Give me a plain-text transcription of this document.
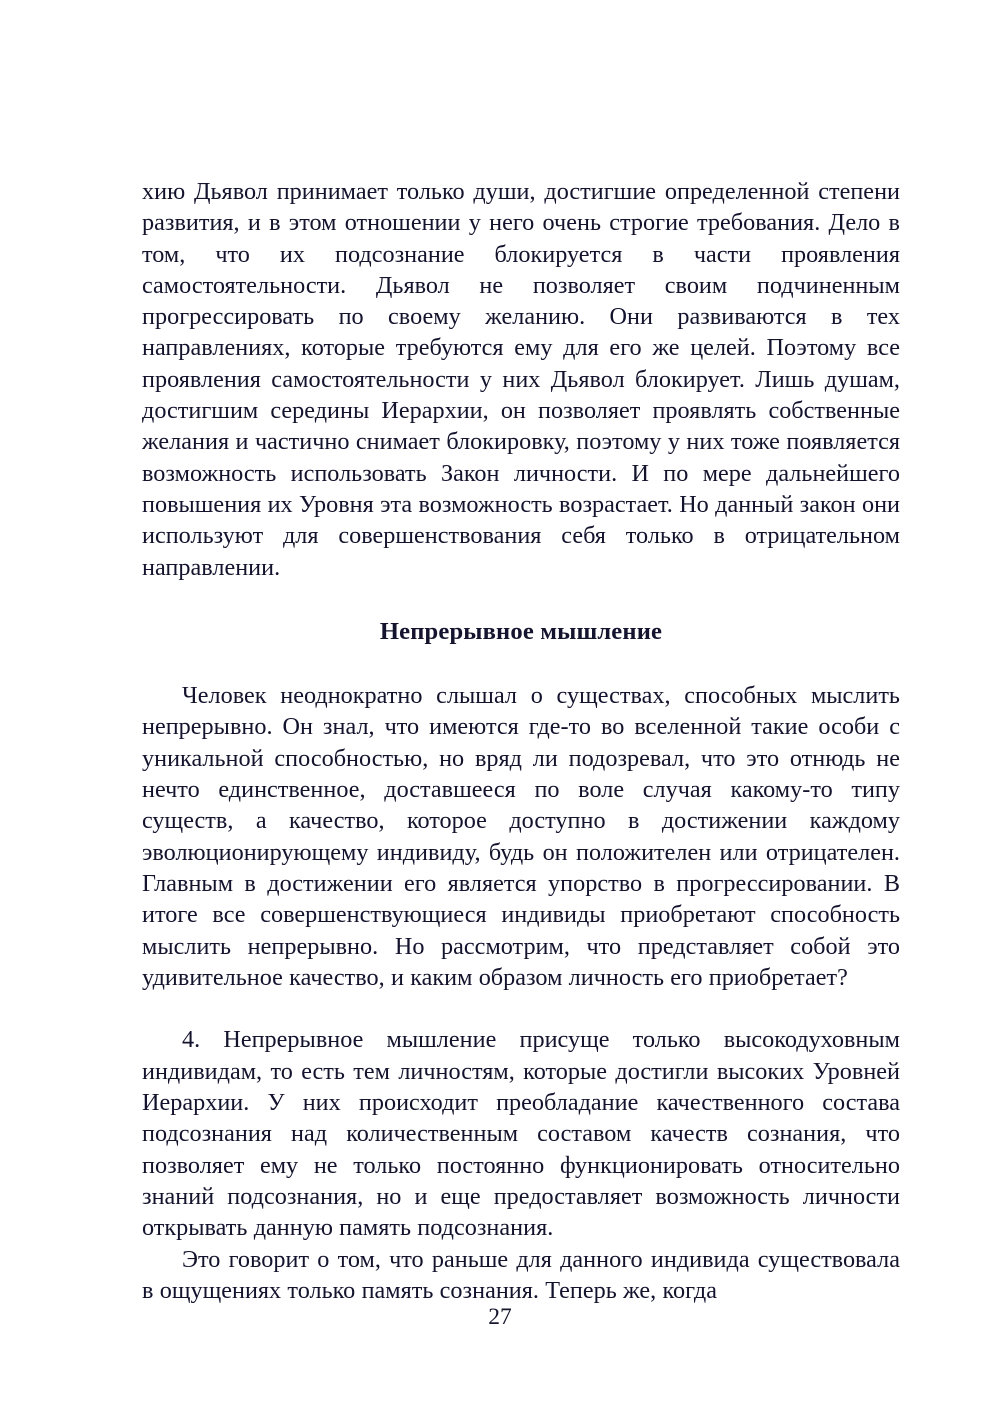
хию Дьявол принимает только души, достигшие определенной степени развития, и в этом отношении у него очень строгие требования. Дело в том, что их подсознание блокируется в части проявления самостоятельности. Дьявол не позволяет своим подчиненным прогрессировать по своему желанию. Они развиваются в тех направлениях, которые требуются ему для его же целей. Поэтому все проявления самостоятельности у них Дьявол блокирует. Лишь душам, достигшим середины Иерархии, он позволяет проявлять собственные желания и частично снимает блокировку, поэтому у них тоже появляется возможность использовать Закон личности. И по мере дальнейшего повышения их Уровня эта возможность возрастает. Но данный закон они используют для совершенствования себя только в отрицательном направлении.

Непрерывное мышление

Человек неоднократно слышал о существах, способных мыслить непрерывно. Он знал, что имеются где-то во вселенной такие особи с уникальной способностью, но вряд ли подозревал, что это отнюдь не нечто единственное, доставшееся по воле случая какому-то типу существ, а качество, которое доступно в достижении каждому эволюционирующему индивиду, будь он положителен или отрицателен. Главным в достижении его является упорство в прогрессировании. В итоге все совершенствующиеся индивиды приобретают способность мыслить непрерывно. Но рассмотрим, что представляет собой это удивительное качество, и каким образом личность его приобретает?

4. Непрерывное мышление присуще только высокодуховным индивидам, то есть тем личностям, которые достигли высоких Уровней Иерархии. У них происходит преобладание качественного состава подсознания над количественным составом качеств сознания, что позволяет ему не только постоянно функционировать относительно знаний подсознания, но и еще предоставляет возможность личности открывать данную память подсознания.

Это говорит о том, что раньше для данного индивида существовала в ощущениях только память сознания. Теперь же, когда

27
